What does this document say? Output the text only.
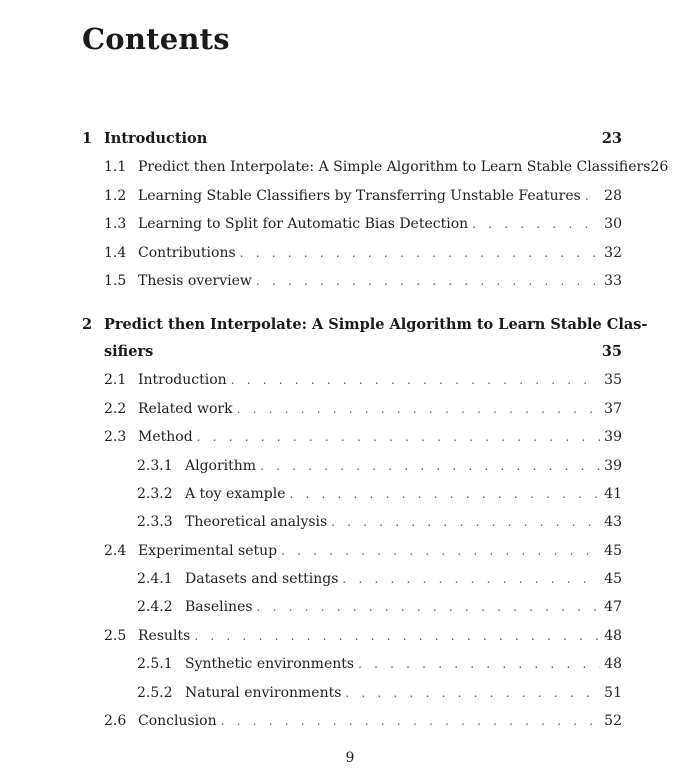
Contents
1 Introduction	23
1.1 Predict then Interpolate: A Simple Algorithm to Learn Stable Classifiers 26
1.2 Learning Stable Classifiers by Transferring Unstable Features . . . 28
1.3 Learning to Split for Automatic Bias Detection . . .	30
1.4 Contributions . . .	32
1.5 Thesis overview . . .	33
2 Predict then Interpolate: A Simple Algorithm to Learn Stable Clas-
sifiers	35
2.1 Introduction . . .	35
2.2 Related work . . .	37
2.3 Method . . .	39
2.3.1 Algorithm . . .	39
2.3.2 A toy example . . .	41
2.3.3 Theoretical analysis . . .	43
2.4 Experimental setup . . .	45
2.4.1 Datasets and settings . . .	45
2.4.2 Baselines . . .	47
2.5 Results . . .	48
2.5.1 Synthetic environments . . .	48
2.5.2 Natural environments . . .	51
2.6 Conclusion . . .	52
9
